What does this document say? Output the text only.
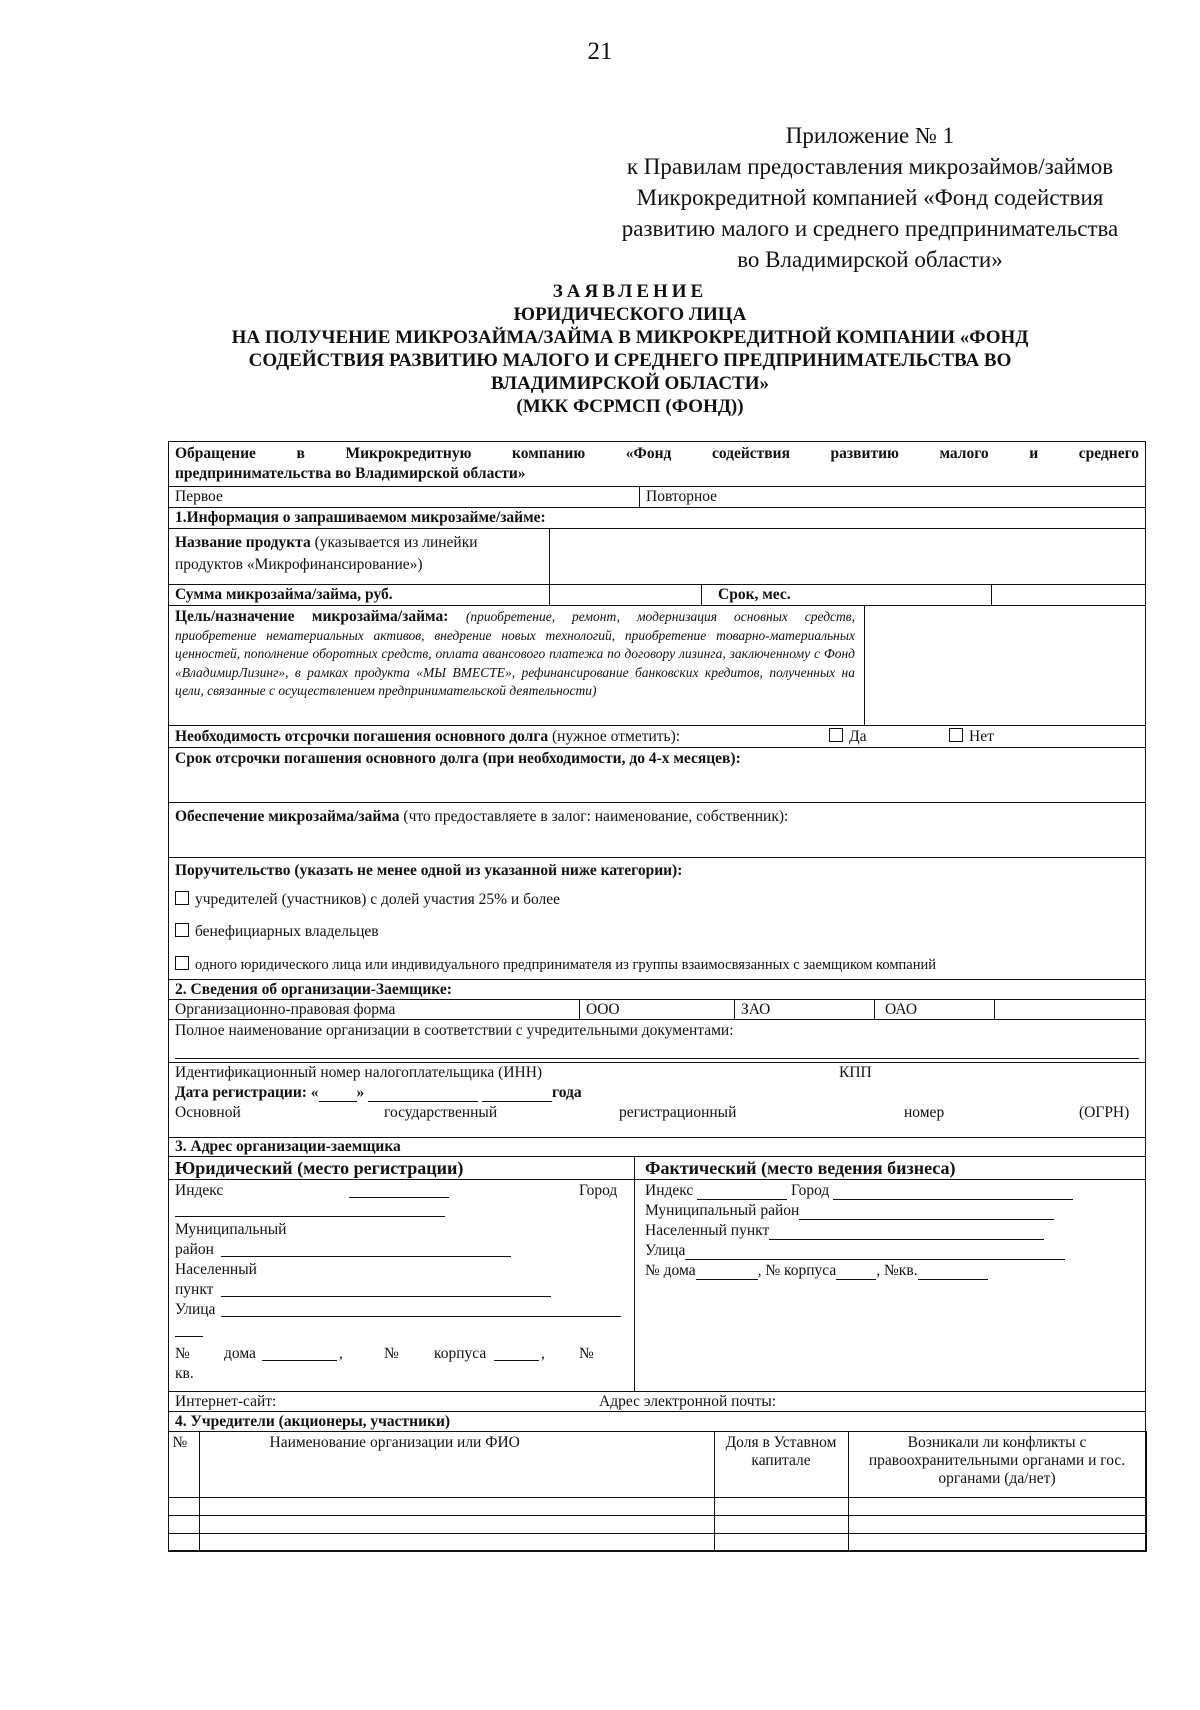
21
Приложение № 1
к Правилам предоставления микрозаймов/займов
Микрокредитной компанией «Фонд содействия
развитию малого и среднего предпринимательства
во Владимирской области»
ЗАЯВЛЕНИЕ
ЮРИДИЧЕСКОГО ЛИЦА
НА ПОЛУЧЕНИЕ МИКРОЗАЙМА/ЗАЙМА В МИКРОКРЕДИТНОЙ КОМПАНИИ «ФОНД
СОДЕЙСТВИЯ РАЗВИТИЮ МАЛОГО И СРЕДНЕГО ПРЕДПРИНИМАТЕЛЬСТВА ВО
ВЛАДИМИРСКОЙ ОБЛАСТИ»
(МКК ФСРМСП (ФОНД))
Обращение в Микрокредитную компанию «Фонд содействия развитию малого и среднего
предпринимательства во Владимирской области»
Первое	Повторное
1.Информация о запрашиваемом микрозайме/займе:
Название продукта (указывается из линейки
продуктов «Микрофинансирование»)
Сумма микрозайма/займа, руб.	Срок, мес.
Цель/назначение микрозайма/займа: (приобретение, ремонт, модернизация основных средств, приобретение нематериальных активов, внедрение новых технологий, приобретение товарно-материальных ценностей, пополнение оборотных средств, оплата авансового платежа по договору лизинга, заключенному с Фонд «ВладимирЛизинг», в рамках продукта «МЫ ВМЕСТЕ», рефинансирование банковских кредитов, полученных на цели, связанные с осуществлением предпринимательской деятельности)
Необходимость отсрочки погашения основного долга (нужное отметить):	Да	Нет
Срок отсрочки погашения основного долга (при необходимости, до 4-х месяцев):
Обеспечение микрозайма/займа (что предоставляете в залог: наименование, собственник):
Поручительство (указать не менее одной из указанной ниже категории):
учредителей (участников) с долей участия 25% и более
бенефициарных владельцев
одного юридического лица или индивидуального предпринимателя из группы взаимосвязанных с заемщиком компаний
2. Сведения об организации-Заемщике:
Организационно-правовая форма	ООО	ЗАО	ОАО
Полное наименование организации в соответствии с учредительными документами:
Идентификационный номер налогоплательщика (ИНН)	КПП
Дата регистрации: « »	года
Основной	государственный	регистрационный	номер	(ОГРН)
3. Адрес организации-заемщика
Юридический (место регистрации)
Индекс	Город
Муниципальный
район
Населенный
пункт
Улица
№ дома	,	№ корпуса	, №
кв.
Фактический (место ведения бизнеса)
Индекс	Город
Муниципальный район
Населенный пункт
Улица
№ дома	, № корпуса	, №кв.
Интернет-сайт:	Адрес электронной почты:
4. Учредители (акционеры, участники)
№	Наименование организации или ФИО	Доля в Уставном капитале	Возникали ли конфликты с правоохранительными органами и гос. органами (да/нет)
